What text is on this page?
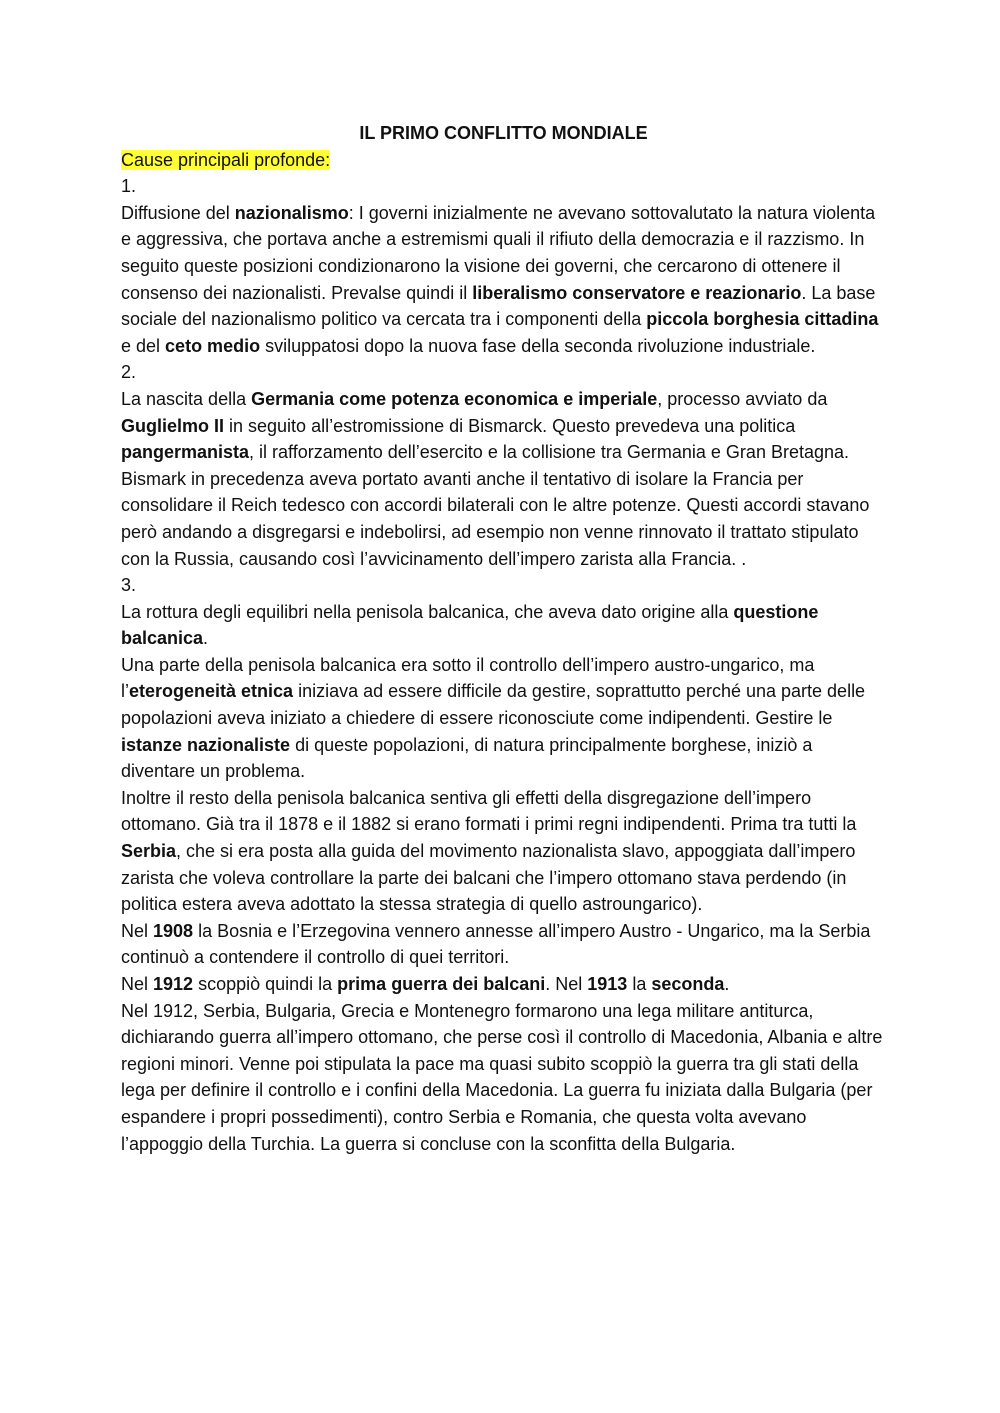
IL PRIMO CONFLITTO MONDIALE

Cause principali profonde:

1.

Diffusione del nazionalismo: I governi inizialmente ne avevano sottovalutato la natura violenta e aggressiva, che portava anche a estremismi quali il rifiuto della democrazia e il razzismo. In seguito queste posizioni condizionarono la visione dei governi, che cercarono di ottenere il consenso dei nazionalisti. Prevalse quindi il liberalismo conservatore e reazionario. La base sociale del nazionalismo politico va cercata tra i componenti della piccola borghesia cittadina e del ceto medio sviluppatosi dopo la nuova fase della seconda rivoluzione industriale.

2.

La nascita della Germania come potenza economica e imperiale, processo avviato da Guglielmo II in seguito all’estromissione di Bismarck. Questo prevedeva una politica pangermanista, il rafforzamento dell’esercito e la collisione tra Germania e Gran Bretagna. Bismark in precedenza aveva portato avanti anche il tentativo di isolare la Francia per consolidare il Reich tedesco con accordi bilaterali con le altre potenze. Questi accordi stavano però andando a disgregarsi e indebolirsi, ad esempio non venne rinnovato il trattato stipulato con la Russia, causando così l’avvicinamento dell’impero zarista alla Francia. .

3.

La rottura degli equilibri nella penisola balcanica, che aveva dato origine alla questione balcanica.

Una parte della penisola balcanica era sotto il controllo dell’impero austro-ungarico, ma l’eterogeneità etnica iniziava ad essere difficile da gestire, soprattutto perché una parte delle popolazioni aveva iniziato a chiedere di essere riconosciute come indipendenti. Gestire le istanze nazionaliste di queste popolazioni, di natura principalmente borghese, iniziò a diventare un problema.

Inoltre il resto della penisola balcanica sentiva gli effetti della disgregazione dell’impero ottomano. Già tra il 1878 e il 1882 si erano formati i primi regni indipendenti. Prima tra tutti la Serbia, che si era posta alla guida del movimento nazionalista slavo, appoggiata dall’impero zarista che voleva controllare la parte dei balcani che l’impero ottomano stava perdendo (in politica estera aveva adottato la stessa strategia di quello astroungarico).

Nel 1908 la Bosnia e l’Erzegovina vennero annesse all’impero Austro - Ungarico, ma la Serbia continuò a contendere il controllo di quei territori.

Nel 1912 scoppiò quindi la prima guerra dei balcani. Nel 1913 la seconda.

Nel 1912, Serbia, Bulgaria, Grecia e Montenegro formarono una lega militare antiturca, dichiarando guerra all’impero ottomano, che perse così il controllo di Macedonia, Albania e altre regioni minori. Venne poi stipulata la pace ma quasi subito scoppiò la guerra tra gli stati della lega per definire il controllo e i confini della Macedonia. La guerra fu iniziata dalla Bulgaria (per espandere i propri possedimenti), contro Serbia e Romania, che questa volta avevano l’appoggio della Turchia. La guerra si concluse con la sconfitta della Bulgaria.
